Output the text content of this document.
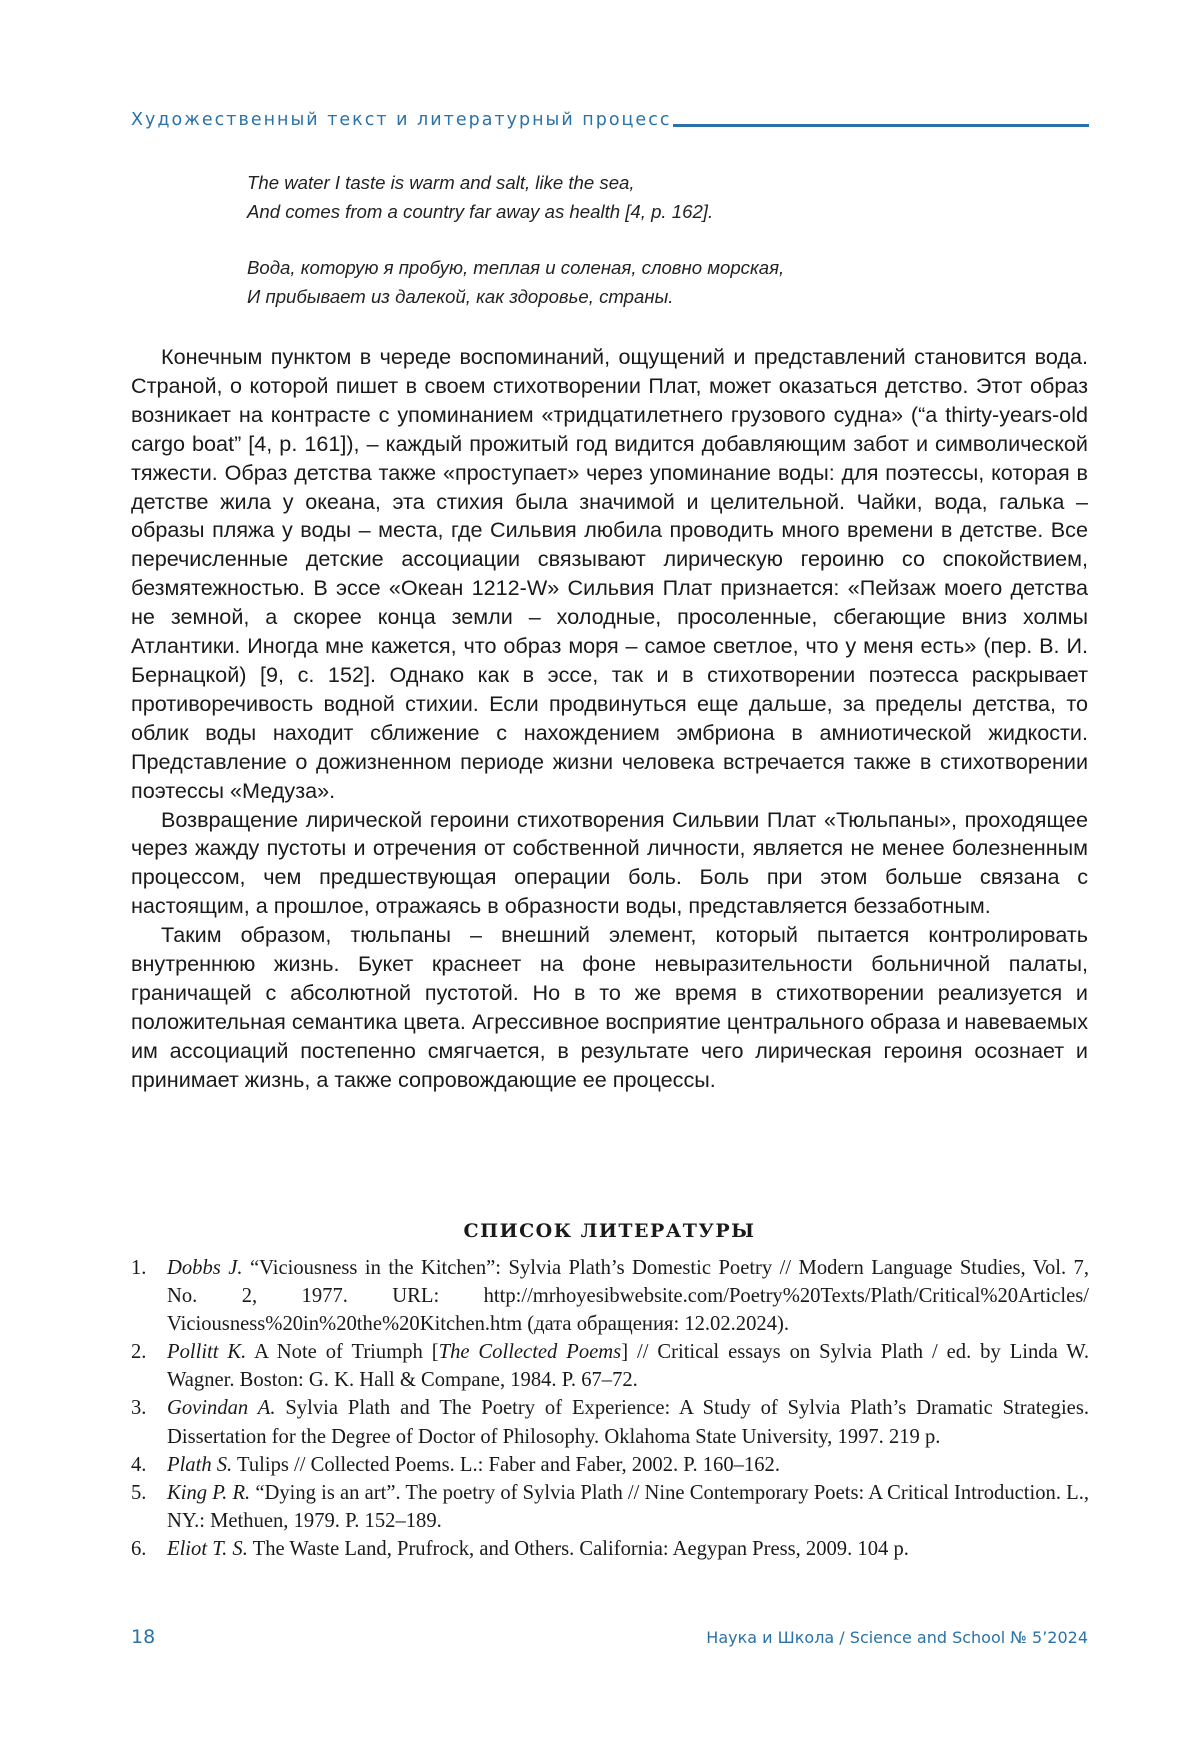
Художественный текст и литературный процесс
The water I taste is warm and salt, like the sea,
And comes from a country far away as health [4, p. 162].
Вода, которую я пробую, теплая и соленая, словно морская,
И прибывает из далекой, как здоровье, страны.

Конечным пунктом в череде воспоминаний, ощущений и представлений становится вода. Страной, о которой пишет в своем стихотворении Плат, может оказаться детство. Этот образ возникает на контрасте с упоминанием «тридцатилетнего грузового судна» (“a thirty-years-old cargo boat” [4, p. 161]), – каждый прожитый год видится добавляющим забот и символической тяжести. Образ детства также «проступает» через упоминание воды: для поэтессы, которая в детстве жила у океана, эта стихия была значимой и целительной. Чайки, вода, галька – образы пляжа у воды – места, где Сильвия любила проводить много времени в детстве. Все перечисленные детские ассоциации связывают лирическую героиню со спокойствием, безмятежностью. В эссе «Океан 1212-W» Сильвия Плат признается: «Пейзаж моего детства не земной, а скорее конца земли – холодные, просоленные, сбегающие вниз холмы Атлантики. Иногда мне кажется, что образ моря – самое светлое, что у меня есть» (пер. В. И. Бернацкой) [9, с. 152]. Однако как в эссе, так и в стихотворении поэтесса раскрывает противоречивость водной стихии. Если продвинуться еще дальше, за пределы детства, то облик воды находит сближение с нахождением эмбриона в амниотической жидкости. Представление о дожизненном периоде жизни человека встречается также в стихотворении поэтессы «Медуза».

Возвращение лирической героини стихотворения Сильвии Плат «Тюльпаны», проходящее через жажду пустоты и отречения от собственной личности, является не менее болезненным процессом, чем предшествующая операции боль. Боль при этом больше связана с настоящим, а прошлое, отражаясь в образности воды, представляется беззаботным.

Таким образом, тюльпаны – внешний элемент, который пытается контролировать внутреннюю жизнь. Букет краснеет на фоне невыразительности больничной палаты, граничащей с абсолютной пустотой. Но в то же время в стихотворении реализуется и положительная семантика цвета. Агрессивное восприятие центрального образа и навеваемых им ассоциаций постепенно смягчается, в результате чего лирическая героиня осознает и принимает жизнь, а также сопровождающие ее процессы.

СПИСОК ЛИТЕРАТУРЫ
1. Dobbs J. “Viciousness in the Kitchen”: Sylvia Plath’s Domestic Poetry // Modern Language Studies, Vol. 7, No. 2, 1977. URL: http://mrhoyesibwebsite.com/Poetry%20Texts/Plath/Critical%20Articles/ Viciousness%20in%20the%20Kitchen.htm (дата обращения: 12.02.2024).
2. Pollitt K. A Note of Triumph [The Collected Poems] // Critical essays on Sylvia Plath / ed. by Linda W. Wagner. Boston: G. K. Hall & Compane, 1984. P. 67–72.
3. Govindan A. Sylvia Plath and The Poetry of Experience: A Study of Sylvia Plath’s Dramatic Strategies. Dissertation for the Degree of Doctor of Philosophy. Oklahoma State University, 1997. 219 p.
4. Plath S. Tulips // Collected Poems. L.: Faber and Faber, 2002. P. 160–162.
5. King P. R. “Dying is an art”. The poetry of Sylvia Plath // Nine Contemporary Poets: A Critical Introduction. L., NY.: Methuen, 1979. P. 152–189.
6. Eliot T. S. The Waste Land, Prufrock, and Others. California: Aegypan Press, 2009. 104 p.
18	Наука и Школа / Science and School № 5’2024
